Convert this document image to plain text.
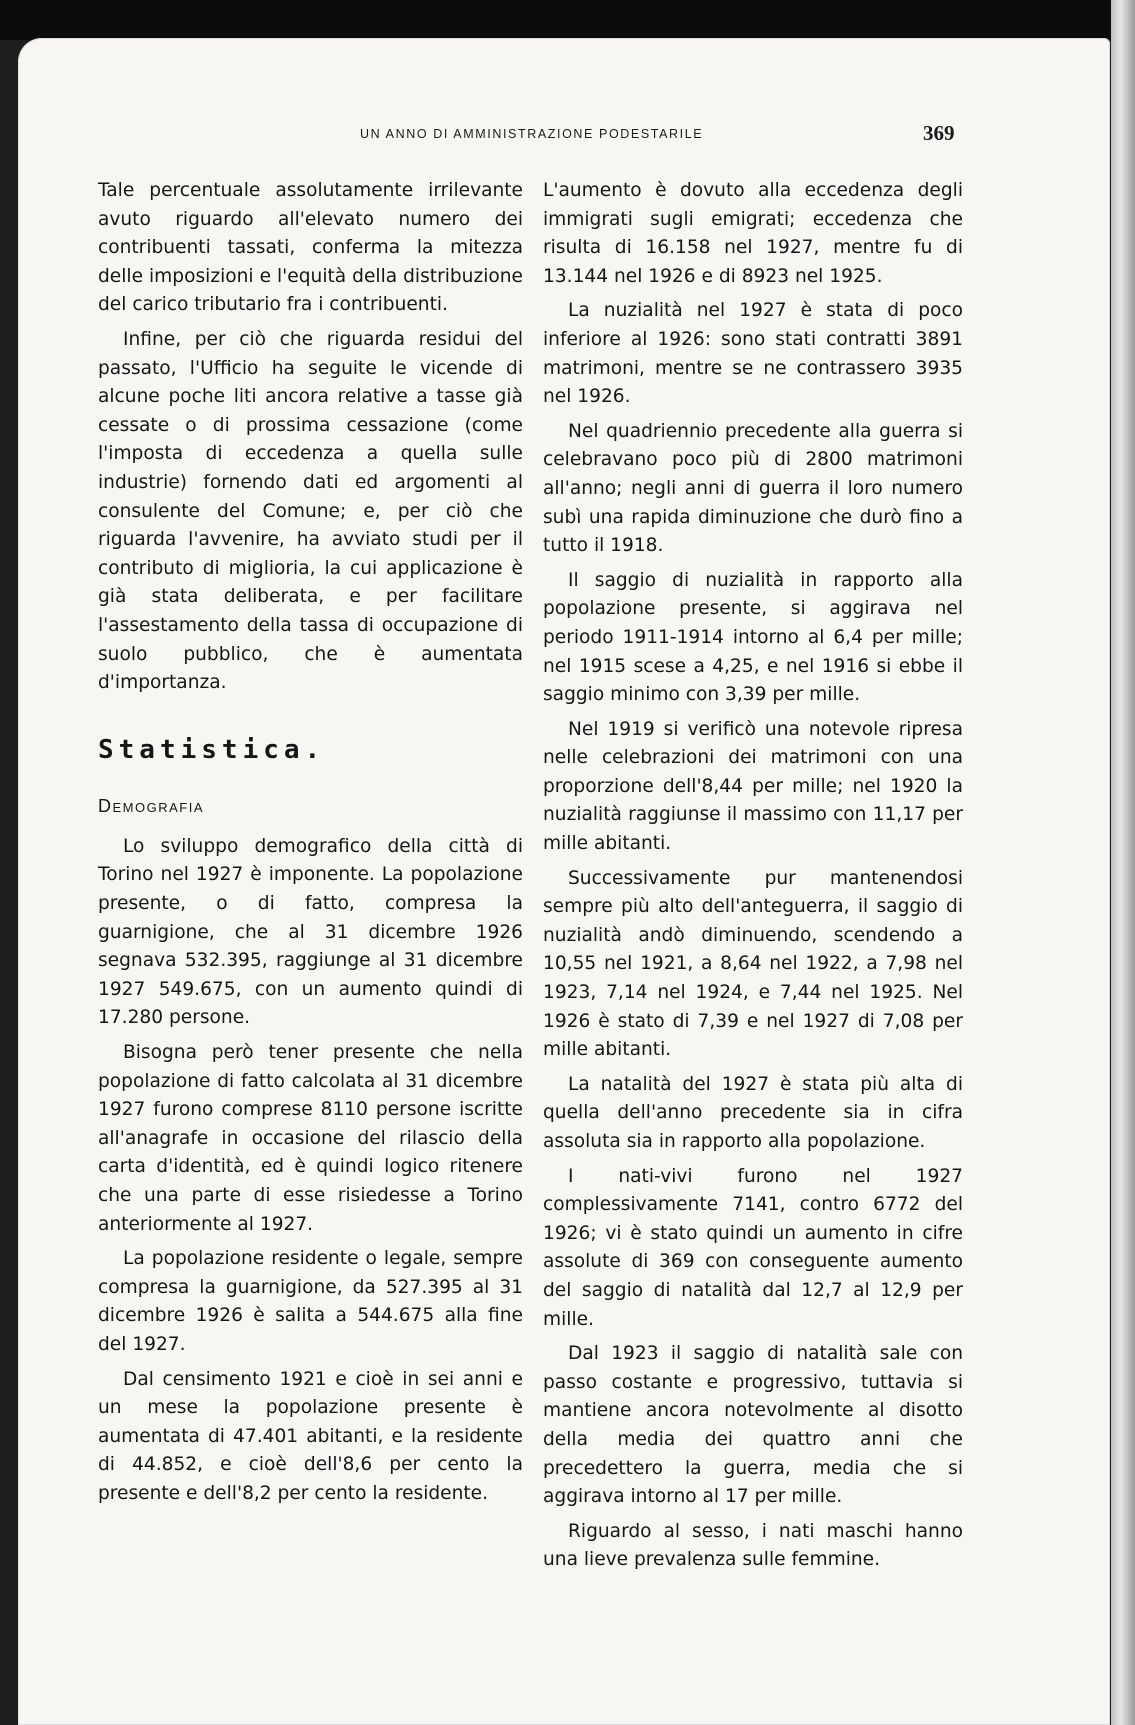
UN ANNO DI AMMINISTRAZIONE PODESTARILE	369

Tale percentuale assolutamente irrilevante avuto riguardo all'elevato numero dei contribuenti tassati, conferma la mitezza delle imposizioni e l'equità della distribuzione del carico tributario fra i contribuenti.

Infine, per ciò che riguarda residui del passato, l'Ufficio ha seguite le vicende di alcune poche liti ancora relative a tasse già cessate o di prossima cessazione (come l'imposta di eccedenza a quella sulle industrie) fornendo dati ed argomenti al consulente del Comune; e, per ciò che riguarda l'avvenire, ha avviato studi per il contributo di miglioria, la cui applicazione è già stata deliberata, e per facilitare l'assestamento della tassa di occupazione di suolo pubblico, che è aumentata d'importanza.

Statistica.
Demografia

Lo sviluppo demografico della città di Torino nel 1927 è imponente. La popolazione presente, o di fatto, compresa la guarnigione, che al 31 dicembre 1926 segnava 532.395, raggiunge al 31 dicembre 1927 549.675, con un aumento quindi di 17.280 persone.

Bisogna però tener presente che nella popolazione di fatto calcolata al 31 dicembre 1927 furono comprese 8110 persone iscritte all'anagrafe in occasione del rilascio della carta d'identità, ed è quindi logico ritenere che una parte di esse risiedesse a Torino anteriormente al 1927.

La popolazione residente o legale, sempre compresa la guarnigione, da 527.395 al 31 dicembre 1926 è salita a 544.675 alla fine del 1927.

Dal censimento 1921 e cioè in sei anni e un mese la popolazione presente è aumentata di 47.401 abitanti, e la residente di 44.852, e cioè dell'8,6 per cento la presente e dell'8,2 per cento la residente.

L'aumento è dovuto alla eccedenza degli immigrati sugli emigrati; eccedenza che risulta di 16.158 nel 1927, mentre fu di 13.144 nel 1926 e di 8923 nel 1925.

La nuzialità nel 1927 è stata di poco inferiore al 1926: sono stati contratti 3891 matrimoni, mentre se ne contrassero 3935 nel 1926.

Nel quadriennio precedente alla guerra si celebravano poco più di 2800 matrimoni all'anno; negli anni di guerra il loro numero subì una rapida diminuzione che durò fino a tutto il 1918.

Il saggio di nuzialità in rapporto alla popolazione presente, si aggirava nel periodo 1911-1914 intorno al 6,4 per mille; nel 1915 scese a 4,25, e nel 1916 si ebbe il saggio minimo con 3,39 per mille.

Nel 1919 si verificò una notevole ripresa nelle celebrazioni dei matrimoni con una proporzione dell'8,44 per mille; nel 1920 la nuzialità raggiunse il massimo con 11,17 per mille abitanti.

Successivamente pur mantenendosi sempre più alto dell'anteguerra, il saggio di nuzialità andò diminuendo, scendendo a 10,55 nel 1921, a 8,64 nel 1922, a 7,98 nel 1923, 7,14 nel 1924, e 7,44 nel 1925. Nel 1926 è stato di 7,39 e nel 1927 di 7,08 per mille abitanti.

La natalità del 1927 è stata più alta di quella dell'anno precedente sia in cifra assoluta sia in rapporto alla popolazione.

I nati-vivi furono nel 1927 complessivamente 7141, contro 6772 del 1926; vi è stato quindi un aumento in cifre assolute di 369 con conseguente aumento del saggio di natalità dal 12,7 al 12,9 per mille.

Dal 1923 il saggio di natalità sale con passo costante e progressivo, tuttavia si mantiene ancora notevolmente al disotto della media dei quattro anni che precedettero la guerra, media che si aggirava intorno al 17 per mille.

Riguardo al sesso, i nati maschi hanno una lieve prevalenza sulle femmine.
